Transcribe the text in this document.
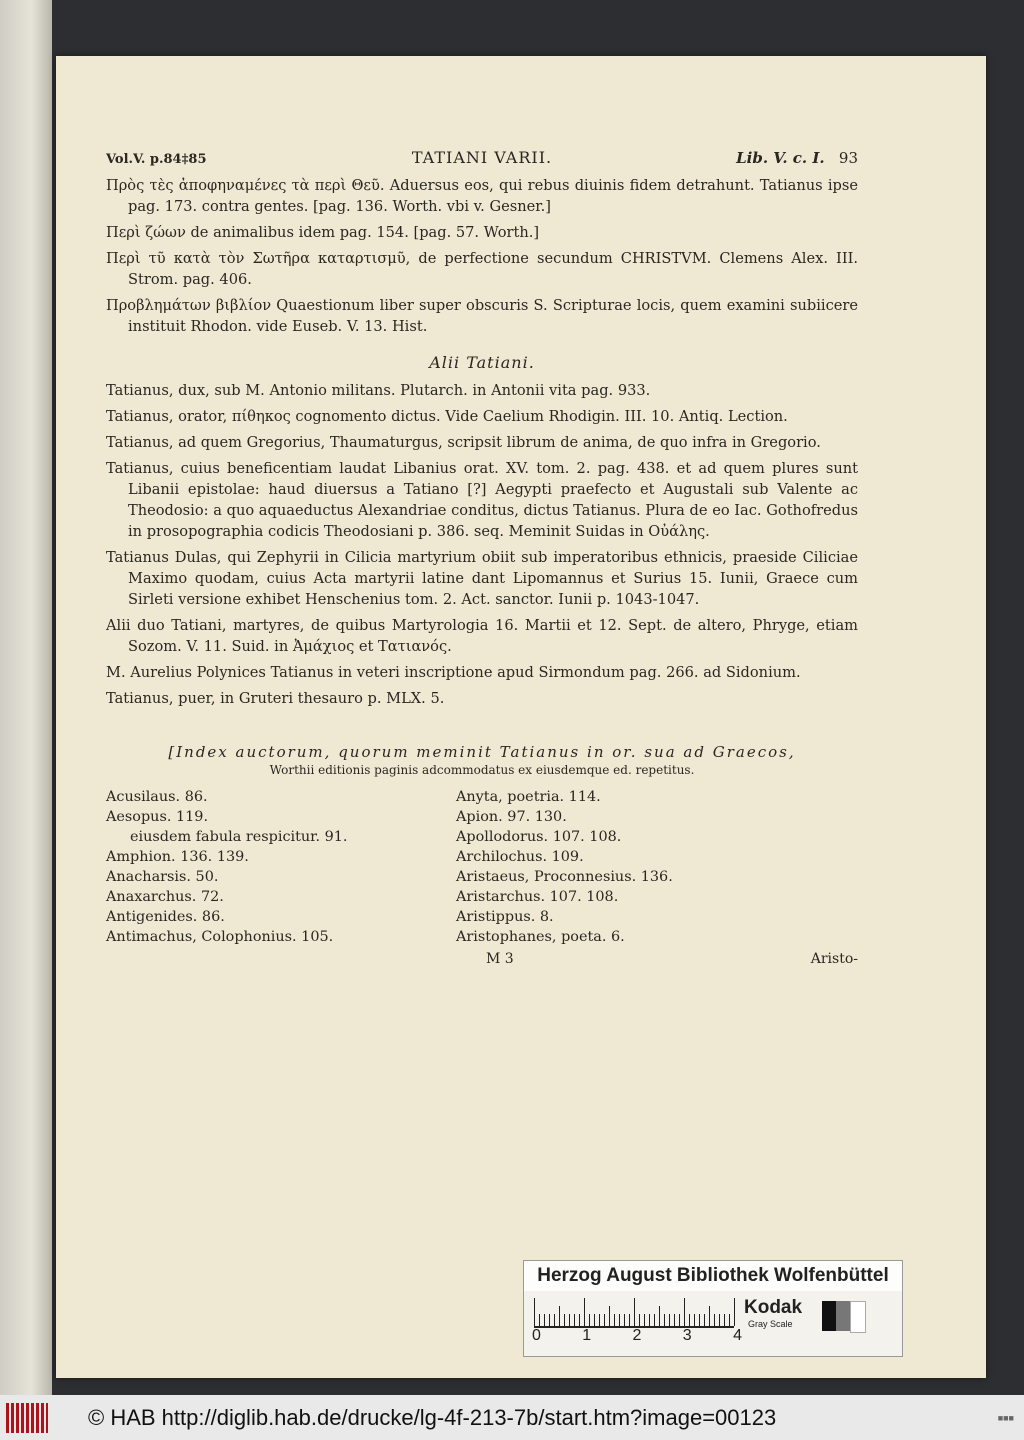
Vol.V. p.84‡85	TATIANI VARII.	Lib. V. c. I. 93

Πρὸς τὲς ἀποφηναμένες τὰ περὶ Θεῦ. Aduersus eos, qui rebus diuinis fidem detrahunt. Tatianus ipse pag. 173. contra gentes. [pag. 136. Worth. vbi v. Gesner.]

Περὶ ζώων de animalibus idem pag. 154. [pag. 57. Worth.]

Περὶ τῦ κατὰ τὸν Σωτῆρα καταρτισμῦ, de perfectione secundum CHRISTVM. Clemens Alex. III. Strom. pag. 406.

Προβλημάτων βιβλίον Quaestionum liber super obscuris S. Scripturae locis, quem examini subiicere instituit Rhodon. vide Euseb. V. 13. Hist.

Alii Tatiani.

Tatianus, dux, sub M. Antonio militans. Plutarch. in Antonii vita pag. 933.

Tatianus, orator, πίθηκος cognomento dictus. Vide Caelium Rhodigin. III. 10. Antiq. Lection.

Tatianus, ad quem Gregorius, Thaumaturgus, scripsit librum de anima, de quo infra in Gregorio.

Tatianus, cuius beneficentiam laudat Libanius orat. XV. tom. 2. pag. 438. et ad quem plures sunt Libanii epistolae: haud diuersus a Tatiano [?] Aegypti praefecto et Augustali sub Valente ac Theodosio: a quo aquaeductus Alexandriae conditus, dictus Tatianus. Plura de eo Iac. Gothofredus in prosopographia codicis Theodosiani p. 386. seq. Meminit Suidas in Οὐάλης.

Tatianus Dulas, qui Zephyrii in Cilicia martyrium obiit sub imperatoribus ethnicis, praeside Ciliciae Maximo quodam, cuius Acta martyrii latine dant Lipomannus et Surius 15. Iunii, Graece cum Sirleti versione exhibet Henschenius tom. 2. Act. sanctor. Iunii p. 1043-1047.

Alii duo Tatiani, martyres, de quibus Martyrologia 16. Martii et 12. Sept. de altero, Phryge, etiam Sozom. V. 11. Suid. in Ἀμάχιος et Τατιανός.

M. Aurelius Polynices Tatianus in veteri inscriptione apud Sirmondum pag. 266. ad Sidonium.

Tatianus, puer, in Gruteri thesauro p. MLX. 5.

[Index auctorum, quorum meminit Tatianus in or. sua ad Graecos,
Worthii editionis paginis adcommodatus ex eiusdemque ed. repetitus.

Acusilaus. 86.

Aesopus. 119.

eiusdem fabula respicitur. 91.

Amphion. 136. 139.

Anacharsis. 50.

Anaxarchus. 72.

Antigenides. 86.

Antimachus, Colophonius. 105.

Anyta, poetria. 114.

Apion. 97. 130.

Apollodorus. 107. 108.

Archilochus. 109.

Aristaeus, Proconnesius. 136.

Aristarchus. 107. 108.

Aristippus. 8.

Aristophanes, poeta. 6.

M 3	Aristo-
Herzog August Bibliothek Wolfenbüttel
0	1	2	3	4
Kodak
Gray Scale
© HAB http://diglib.hab.de/drucke/lg-4f-213-7b/start.htm?image=00123	■■■
